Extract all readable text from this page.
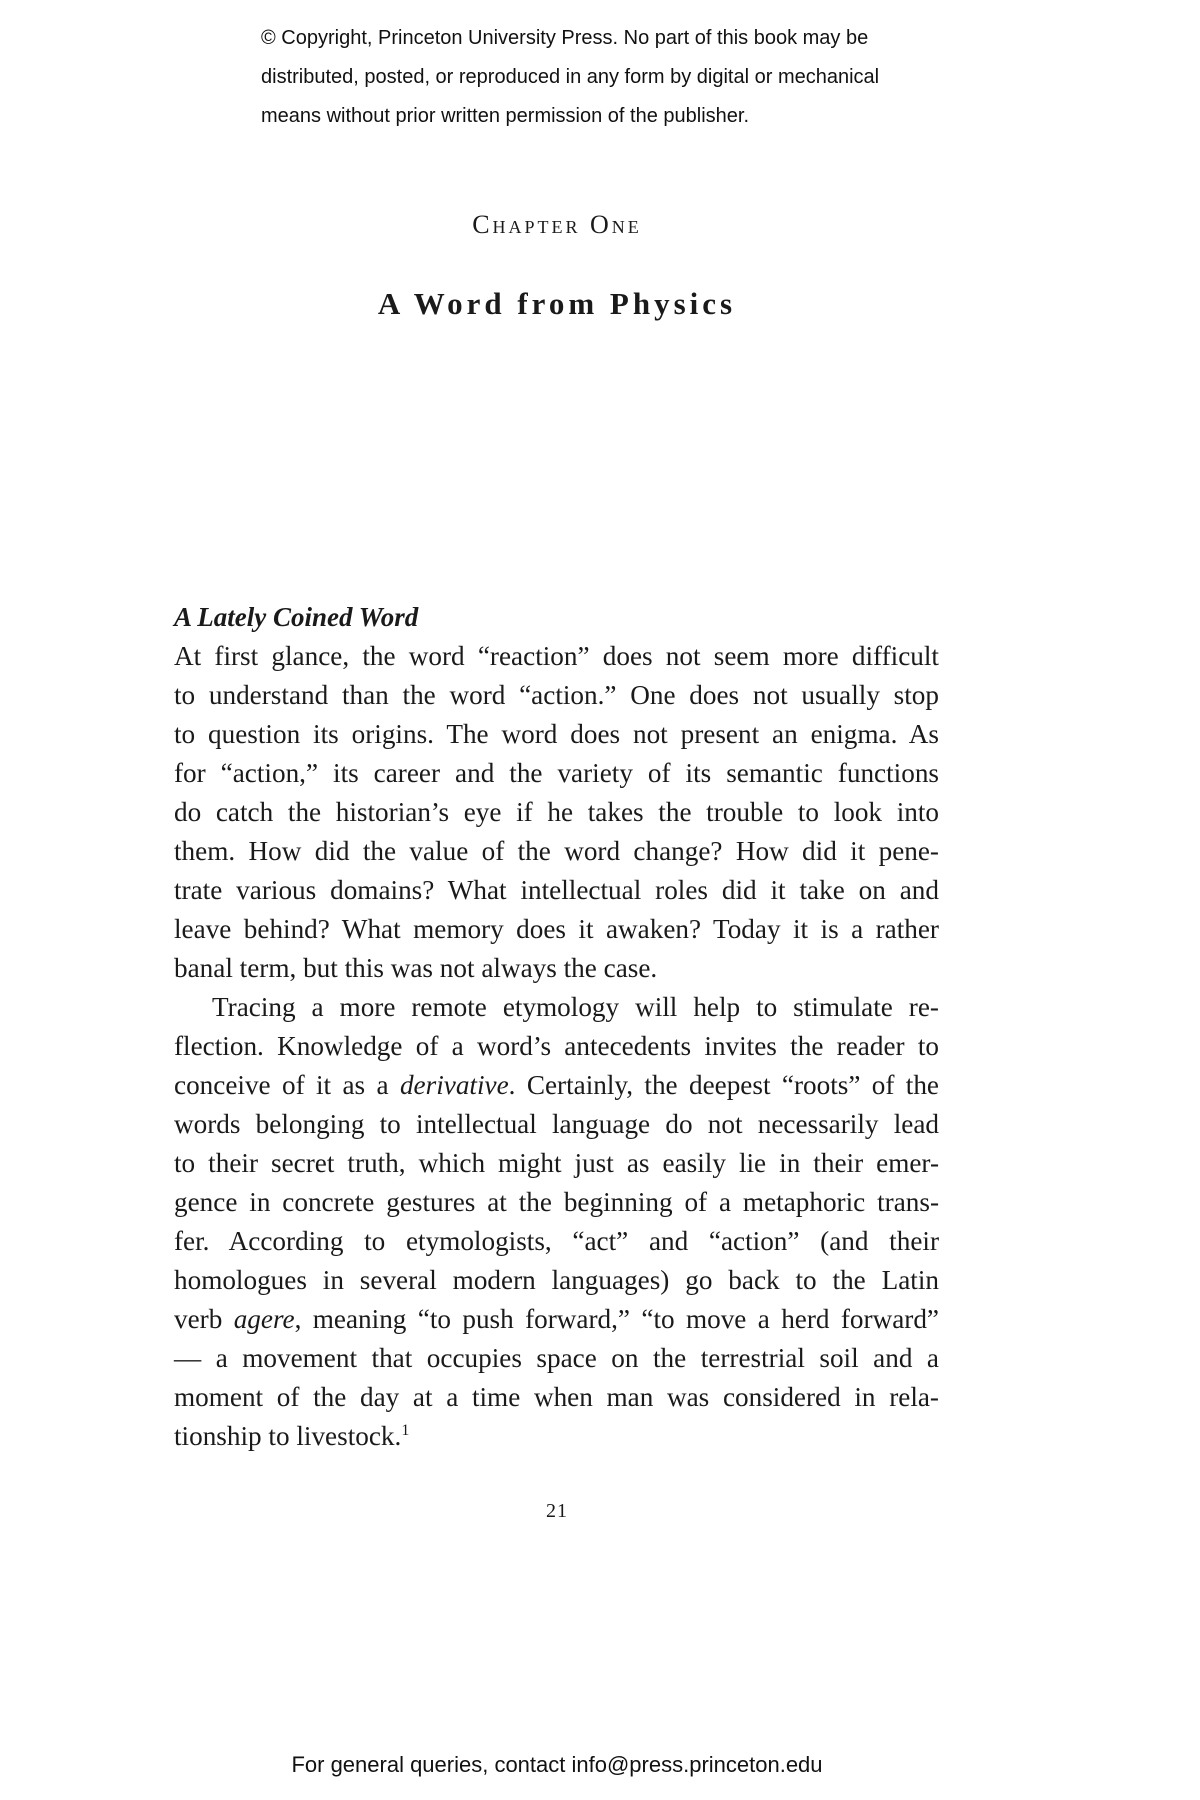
© Copyright, Princeton University Press. No part of this book may be
distributed, posted, or reproduced in any form by digital or mechanical
means without prior written permission of the publisher.
Chapter One
A Word from Physics
A Lately Coined Word
At first glance, the word “reaction” does not seem more difficult
to understand than the word “action.” One does not usually stop
to question its origins. The word does not present an enigma. As
for “action,” its career and the variety of its semantic functions
do catch the historian’s eye if he takes the trouble to look into
them. How did the value of the word change? How did it pene-
trate various domains? What intellectual roles did it take on and
leave behind? What memory does it awaken? Today it is a rather
banal term, but this was not always the case.
Tracing a more remote etymology will help to stimulate re-
flection. Knowledge of a word’s antecedents invites the reader to
conceive of it as a derivative. Certainly, the deepest “roots” of the
words belonging to intellectual language do not necessarily lead
to their secret truth, which might just as easily lie in their emer-
gence in concrete gestures at the beginning of a metaphoric trans-
fer. According to etymologists, “act” and “action” (and their
homologues in several modern languages) go back to the Latin
verb agere, meaning “to push forward,” “to move a herd forward”
— a movement that occupies space on the terrestrial soil and a
moment of the day at a time when man was considered in rela-
tionship to livestock.$^1$
21
For general queries, contact info@press.princeton.edu
